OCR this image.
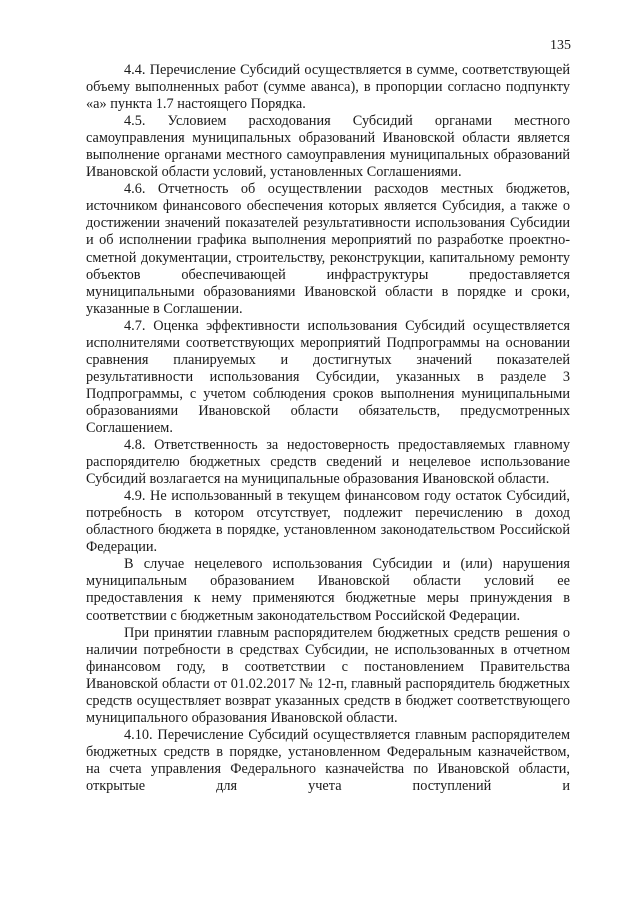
135

4.4. Перечисление Субсидий осуществляется в сумме, соответствующей объему выполненных работ (сумме аванса), в пропорции согласно подпункту «а» пункта 1.7 настоящего Порядка.

4.5. Условием расходования Субсидий органами местного самоуправления муниципальных образований Ивановской области является выполнение органами местного самоуправления муниципальных образований Ивановской области условий, установленных Соглашениями.

4.6. Отчетность об осуществлении расходов местных бюджетов, источником финансового обеспечения которых является Субсидия, а также о достижении значений показателей результативности использования Субсидии и об исполнении графика выполнения мероприятий по разработке проектно-сметной документации, строительству, реконструкции, капитальному ремонту объектов обеспечивающей инфраструктуры предоставляется муниципальными образованиями Ивановской области в порядке и сроки, указанные в Соглашении.

4.7. Оценка эффективности использования Субсидий осуществляется исполнителями соответствующих мероприятий Подпрограммы на основании сравнения планируемых и достигнутых значений показателей результативности использования Субсидии, указанных в разделе 3 Подпрограммы, с учетом соблюдения сроков выполнения муниципальными образованиями Ивановской области обязательств, предусмотренных Соглашением.

4.8. Ответственность за недостоверность предоставляемых главному распорядителю бюджетных средств сведений и нецелевое использование Субсидий возлагается на муниципальные образования Ивановской области.

4.9. Не использованный в текущем финансовом году остаток Субсидий, потребность в котором отсутствует, подлежит перечислению в доход областного бюджета в порядке, установленном законодательством Российской Федерации.

В случае нецелевого использования Субсидии и (или) нарушения муниципальным образованием Ивановской области условий ее предоставления к нему применяются бюджетные меры принуждения в соответствии с бюджетным законодательством Российской Федерации.

При принятии главным распорядителем бюджетных средств решения о наличии потребности в средствах Субсидии, не использованных в отчетном финансовом году, в соответствии с постановлением Правительства Ивановской области от 01.02.2017 № 12-п, главный распорядитель бюджетных средств осуществляет возврат указанных средств в бюджет соответствующего муниципального образования Ивановской области.

4.10. Перечисление Субсидий осуществляется главным распорядителем бюджетных средств в порядке, установленном Федеральным казначейством, на счета управления Федерального казначейства по Ивановской области, открытые для учета поступлений и
